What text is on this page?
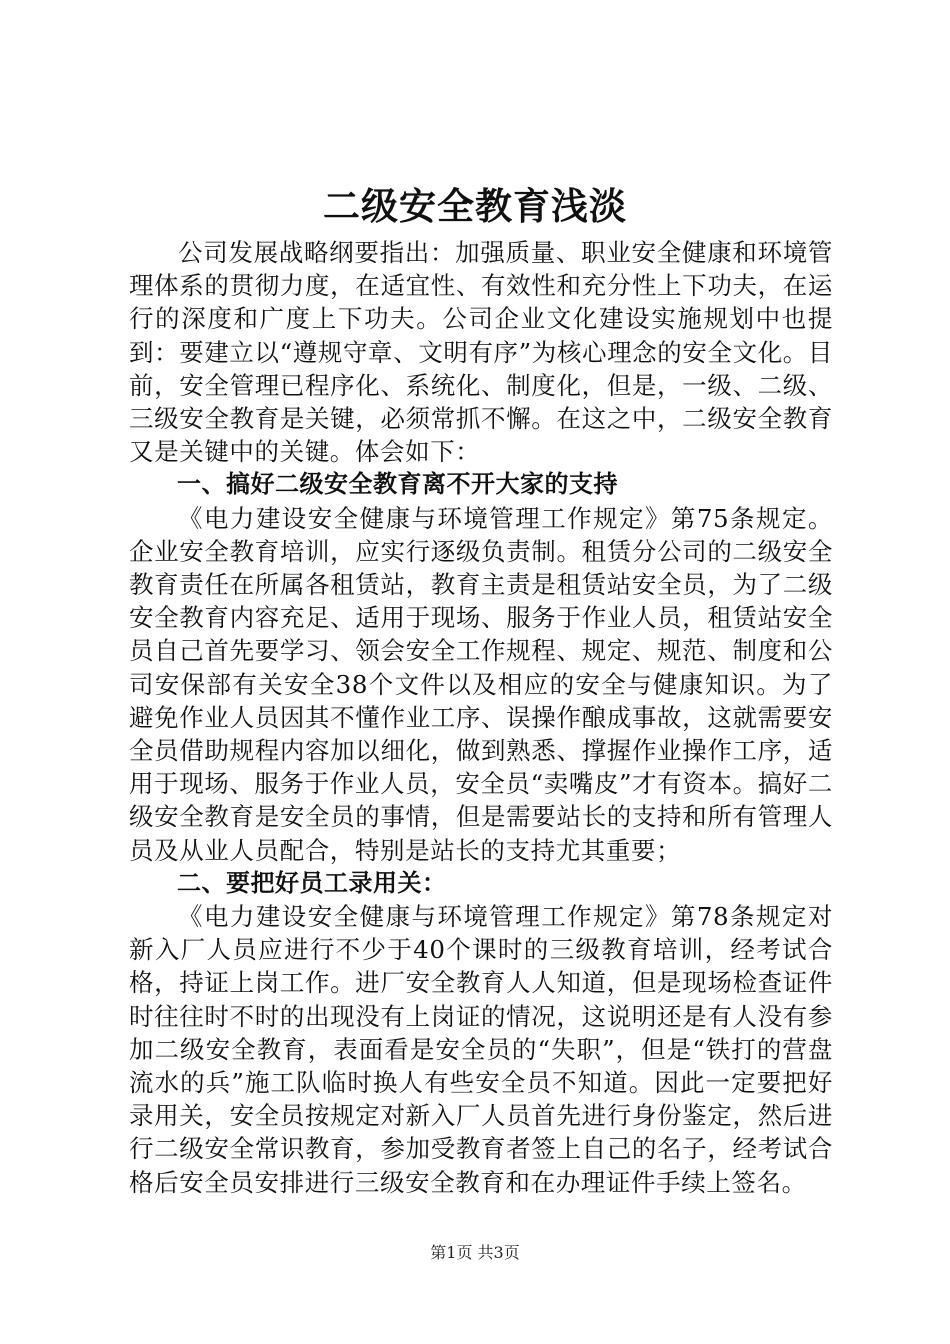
二级安全教育浅淡

公司发展战略纲要指出：加强质量、职业安全健康和环境管理体系的贯彻力度，在适宜性、有效性和充分性上下功夫，在运行的深度和广度上下功夫。公司企业文化建设实施规划中也提到：要建立以“遵规守章、文明有序”为核心理念的安全文化。目前，安全管理已程序化、系统化、制度化，但是，一级、二级、三级安全教育是关键，必须常抓不懈。在这之中，二级安全教育又是关键中的关键。体会如下：

一、搞好二级安全教育离不开大家的支持

《电力建设安全健康与环境管理工作规定》第75条规定。企业安全教育培训，应实行逐级负责制。租赁分公司的二级安全教育责任在所属各租赁站，教育主责是租赁站安全员，为了二级安全教育内容充足、适用于现场、服务于作业人员，租赁站安全员自己首先要学习、领会安全工作规程、规定、规范、制度和公司安保部有关安全38个文件以及相应的安全与健康知识。为了避免作业人员因其不懂作业工序、误操作酿成事故，这就需要安全员借助规程内容加以细化，做到熟悉、撑握作业操作工序，适用于现场、服务于作业人员，安全员“卖嘴皮”才有资本。搞好二级安全教育是安全员的事情，但是需要站长的支持和所有管理人员及从业人员配合，特别是站长的支持尤其重要；

二、要把好员工录用关：

《电力建设安全健康与环境管理工作规定》第78条规定对新入厂人员应进行不少于40个课时的三级教育培训，经考试合格，持证上岗工作。进厂安全教育人人知道，但是现场检查证件时往往时不时的出现没有上岗证的情况，这说明还是有人没有参加二级安全教育，表面看是安全员的“失职”，但是“铁打的营盘流水的兵”施工队临时换人有些安全员不知道。因此一定要把好录用关，安全员按规定对新入厂人员首先进行身份鉴定，然后进行二级安全常识教育，参加受教育者签上自己的名子，经考试合格后安全员安排进行三级安全教育和在办理证件手续上签名。

第1页 共3页
